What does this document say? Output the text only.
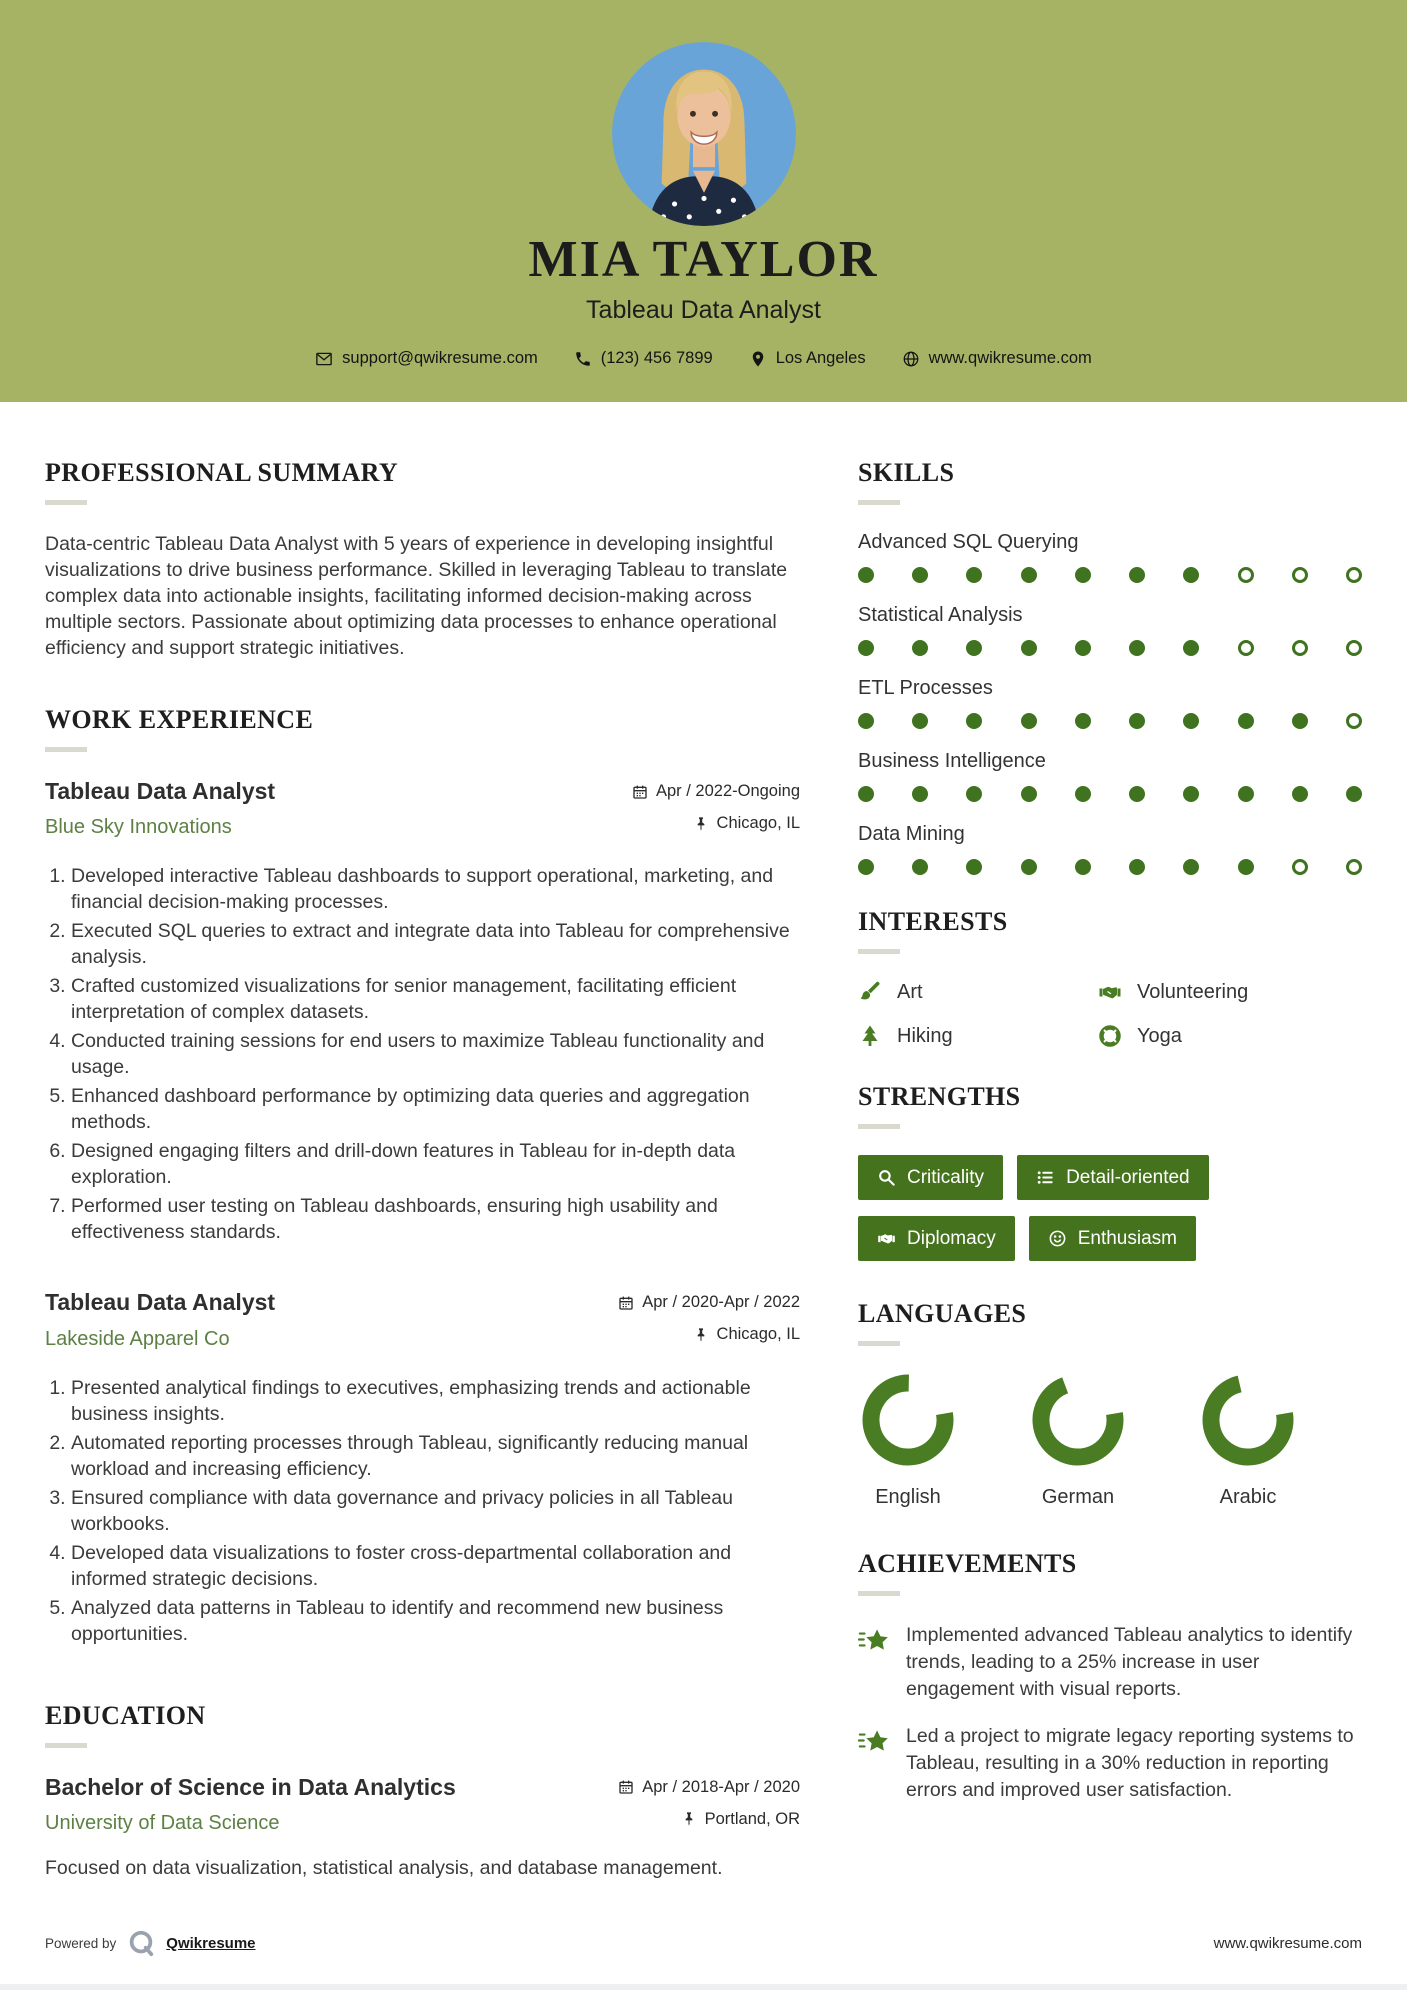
MIA TAYLOR
Tableau Data Analyst
support@qwikresume.com	(123) 456 7899	Los Angeles	www.qwikresume.com
PROFESSIONAL SUMMARY

Data-centric Tableau Data Analyst with 5 years of experience in developing insightful visualizations to drive business performance. Skilled in leveraging Tableau to translate complex data into actionable insights, facilitating informed decision-making across multiple sectors. Passionate about optimizing data processes to enhance operational efficiency and support strategic initiatives.

WORK EXPERIENCE
Tableau Data Analyst
Blue Sky Innovations
Apr / 2022-Ongoing
Chicago, IL
1. Developed interactive Tableau dashboards to support operational, marketing, and financial decision-making processes.
2. Executed SQL queries to extract and integrate data into Tableau for comprehensive analysis.
3. Crafted customized visualizations for senior management, facilitating efficient interpretation of complex datasets.
4. Conducted training sessions for end users to maximize Tableau functionality and usage.
5. Enhanced dashboard performance by optimizing data queries and aggregation methods.
6. Designed engaging filters and drill-down features in Tableau for in-depth data exploration.
7. Performed user testing on Tableau dashboards, ensuring high usability and effectiveness standards.
Tableau Data Analyst
Lakeside Apparel Co
Apr / 2020-Apr / 2022
Chicago, IL
1. Presented analytical findings to executives, emphasizing trends and actionable business insights.
2. Automated reporting processes through Tableau, significantly reducing manual workload and increasing efficiency.
3. Ensured compliance with data governance and privacy policies in all Tableau workbooks.
4. Developed data visualizations to foster cross-departmental collaboration and informed strategic decisions.
5. Analyzed data patterns in Tableau to identify and recommend new business opportunities.
EDUCATION
Bachelor of Science in Data Analytics
University of Data Science
Apr / 2018-Apr / 2020
Portland, OR

Focused on data visualization, statistical analysis, and database management.

SKILLS
Advanced SQL Querying
Statistical Analysis
ETL Processes
Business Intelligence
Data Mining
INTERESTS
Art	Volunteering
Hiking	Yoga
STRENGTHS
Criticality	Detail-oriented
Diplomacy	Enthusiasm
LANGUAGES
English	German	Arabic
ACHIEVEMENTS
Implemented advanced Tableau analytics to identify trends, leading to a 25% increase in user engagement with visual reports.
Led a project to migrate legacy reporting systems to Tableau, resulting in a 30% reduction in reporting errors and improved user satisfaction.
Powered by	Qwikresume	www.qwikresume.com
